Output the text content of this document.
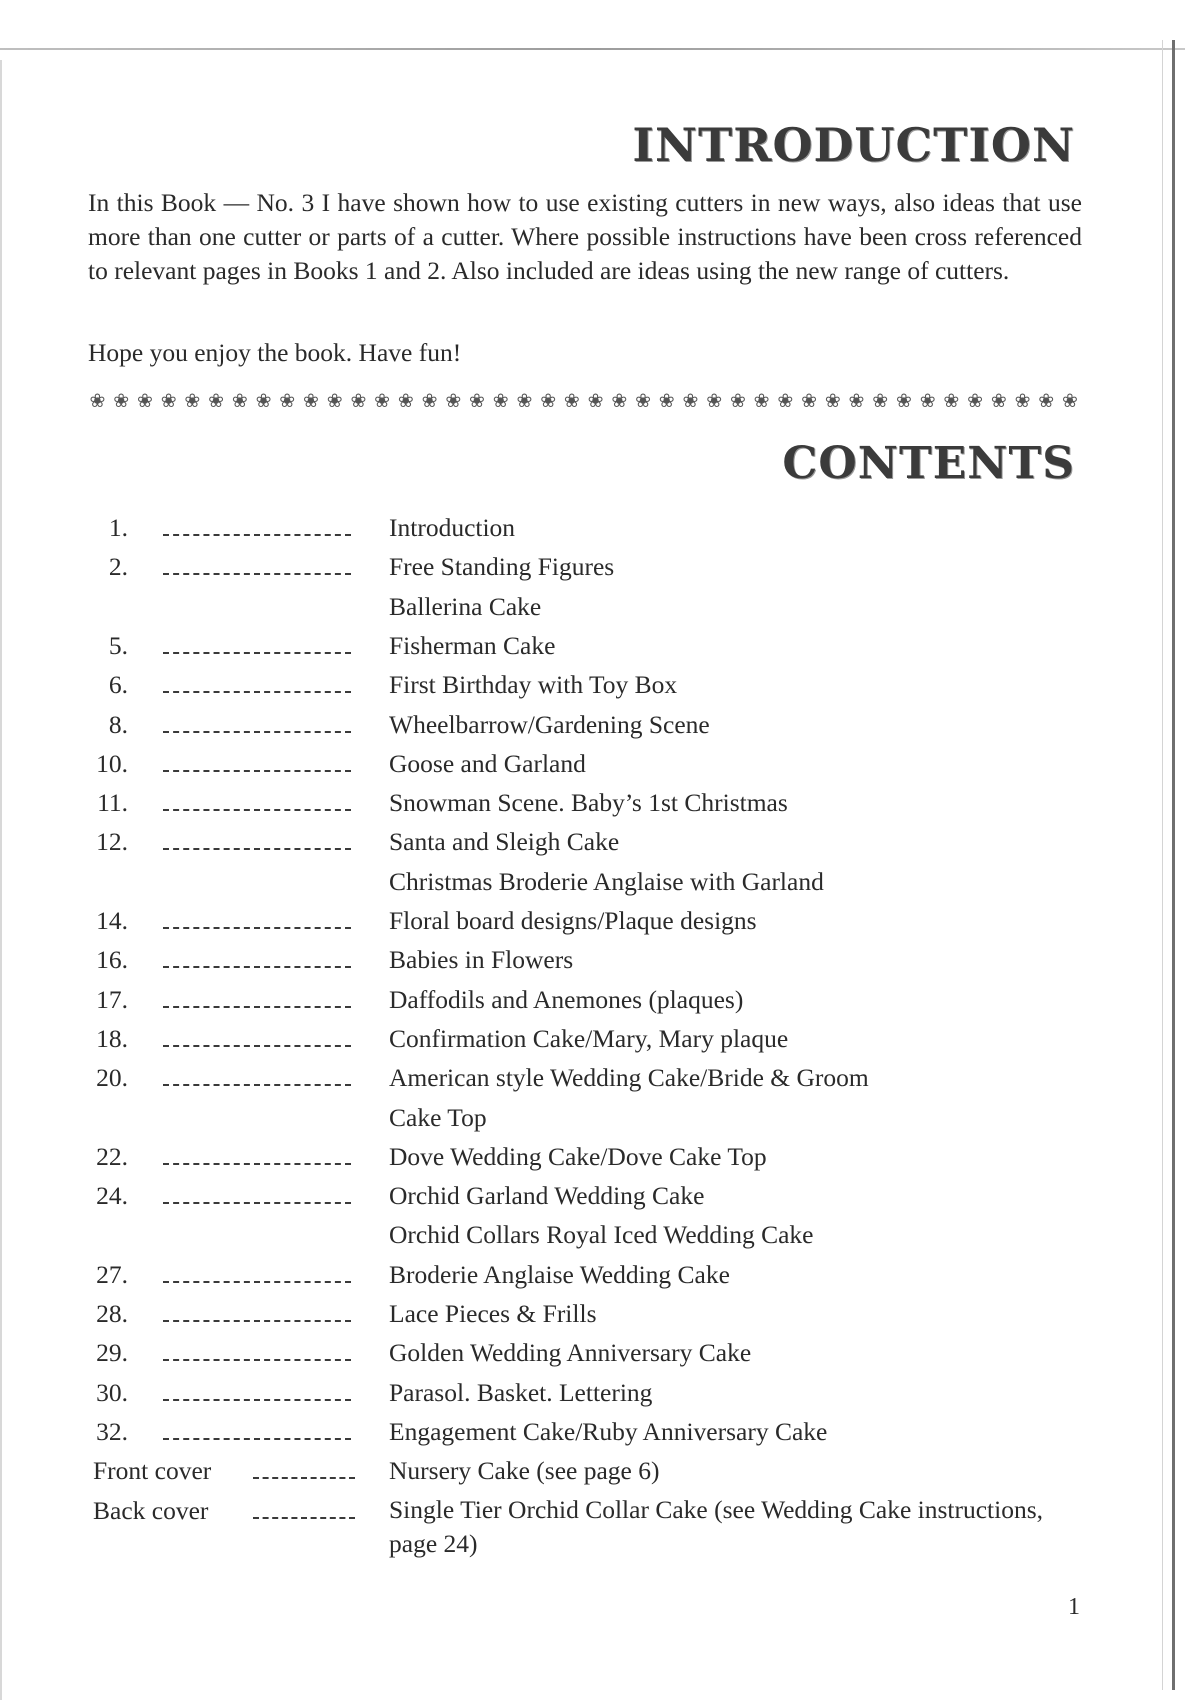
INTRODUCTION

In this Book — No. 3 I have shown how to use existing cutters in new ways, also ideas that use more than one cutter or parts of a cutter. Where possible instructions have been cross referenced to relevant pages in Books 1 and 2. Also included are ideas using the new range of cutters.

Hope you enjoy the book. Have fun!

❀ ❀ ❀ ❀ ❀ ❀ ❀ ❀ ❀ ❀ ❀ ❀ ❀ ❀ ❀ ❀ ❀ ❀ ❀ ❀ ❀ ❀ ❀ ❀ ❀ ❀ ❀ ❀ ❀ ❀ ❀ ❀ ❀ ❀ ❀ ❀ ❀ ❀ ❀ ❀ ❀ ❀
CONTENTS
1.	Introduction
2.	Free Standing Figures
Ballerina Cake
5.	Fisherman Cake
6.	First Birthday with Toy Box
8.	Wheelbarrow/Gardening Scene
10.	Goose and Garland
11.	Snowman Scene. Baby’s 1st Christmas
12.	Santa and Sleigh Cake
Christmas Broderie Anglaise with Garland
14.	Floral board designs/Plaque designs
16.	Babies in Flowers
17.	Daffodils and Anemones (plaques)
18.	Confirmation Cake/Mary, Mary plaque
20.	American style Wedding Cake/Bride & Groom
Cake Top
22.	Dove Wedding Cake/Dove Cake Top
24.	Orchid Garland Wedding Cake
Orchid Collars Royal Iced Wedding Cake
27.	Broderie Anglaise Wedding Cake
28.	Lace Pieces & Frills
29.	Golden Wedding Anniversary Cake
30.	Parasol. Basket. Lettering
32.	Engagement Cake/Ruby Anniversary Cake
Front cover	Nursery Cake (see page 6)
Back cover	Single Tier Orchid Collar Cake (see Wedding Cake instructions, page 24)
1
